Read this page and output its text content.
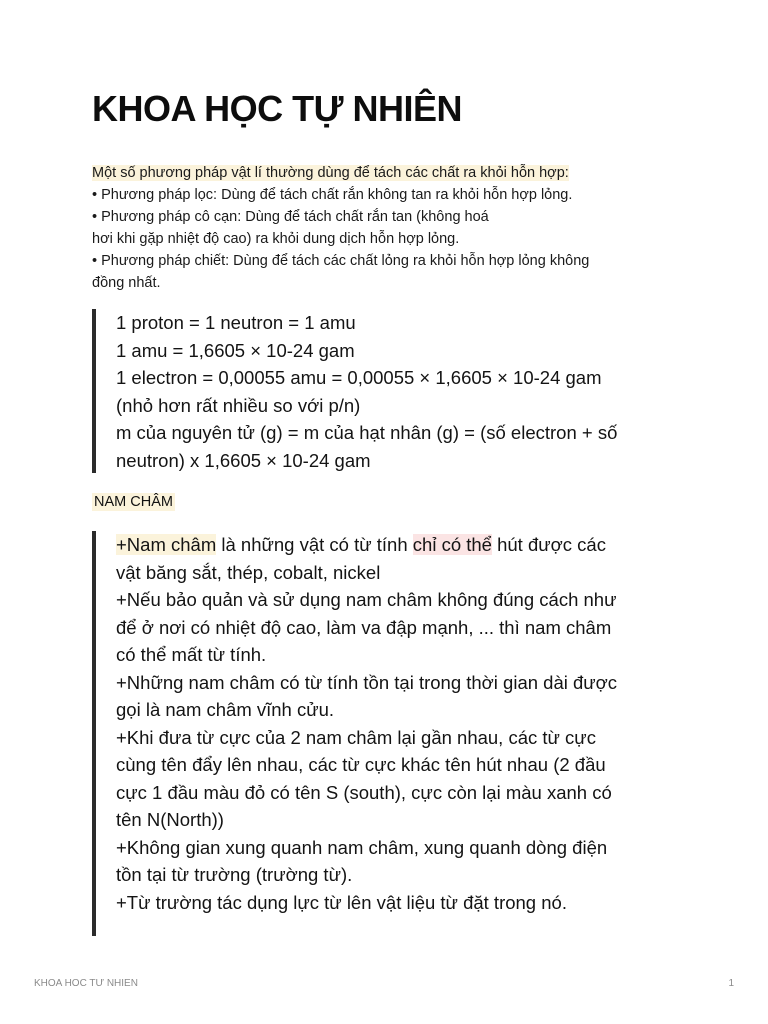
KHOA HỌC TỰ NHIÊN
Một số phương pháp vật lí thường dùng để tách các chất ra khỏi hỗn hợp:
• Phương pháp lọc: Dùng để tách chất rắn không tan ra khỏi hỗn hợp lỏng.
• Phương pháp cô cạn: Dùng để tách chất rắn tan (không hoá
hơi khi gặp nhiệt độ cao) ra khỏi dung dịch hỗn hợp lỏng.
• Phương pháp chiết: Dùng để tách các chất lỏng ra khỏi hỗn hợp lỏng không
đồng nhất.
1 proton = 1 neutron = 1 amu
1 amu = 1,6605 × 10-24 gam
1 electron = 0,00055 amu = 0,00055 × 1,6605 × 10-24 gam
(nhỏ hơn rất nhiều so với p/n)
m của nguyên tử (g) = m của hạt nhân (g) = (số electron + số
neutron) x 1,6605 × 10-24 gam
NAM CHÂM
+Nam châm là những vật có từ tính chỉ có thể hút được các
vật băng sắt, thép, cobalt, nickel
+Nếu bảo quản và sử dụng nam châm không đúng cách như
để ở nơi có nhiệt độ cao, làm va đập mạnh, ... thì nam châm
có thể mất từ tính.
+Những nam châm có từ tính tồn tại trong thời gian dài được
gọi là nam châm vĩnh cửu.
+Khi đưa từ cực của 2 nam châm lại gần nhau, các từ cực
cùng tên đẩy lên nhau, các từ cực khác tên hút nhau (2 đầu
cực 1 đầu màu đỏ có tên S (south), cực còn lại màu xanh có
tên N(North))
+Không gian xung quanh nam châm, xung quanh dòng điện
tồn tại từ trường (trường từ).
+Từ trường tác dụng lực từ lên vật liệu từ đặt trong nó.
KHOA HOC TƯ NHIEN	1
